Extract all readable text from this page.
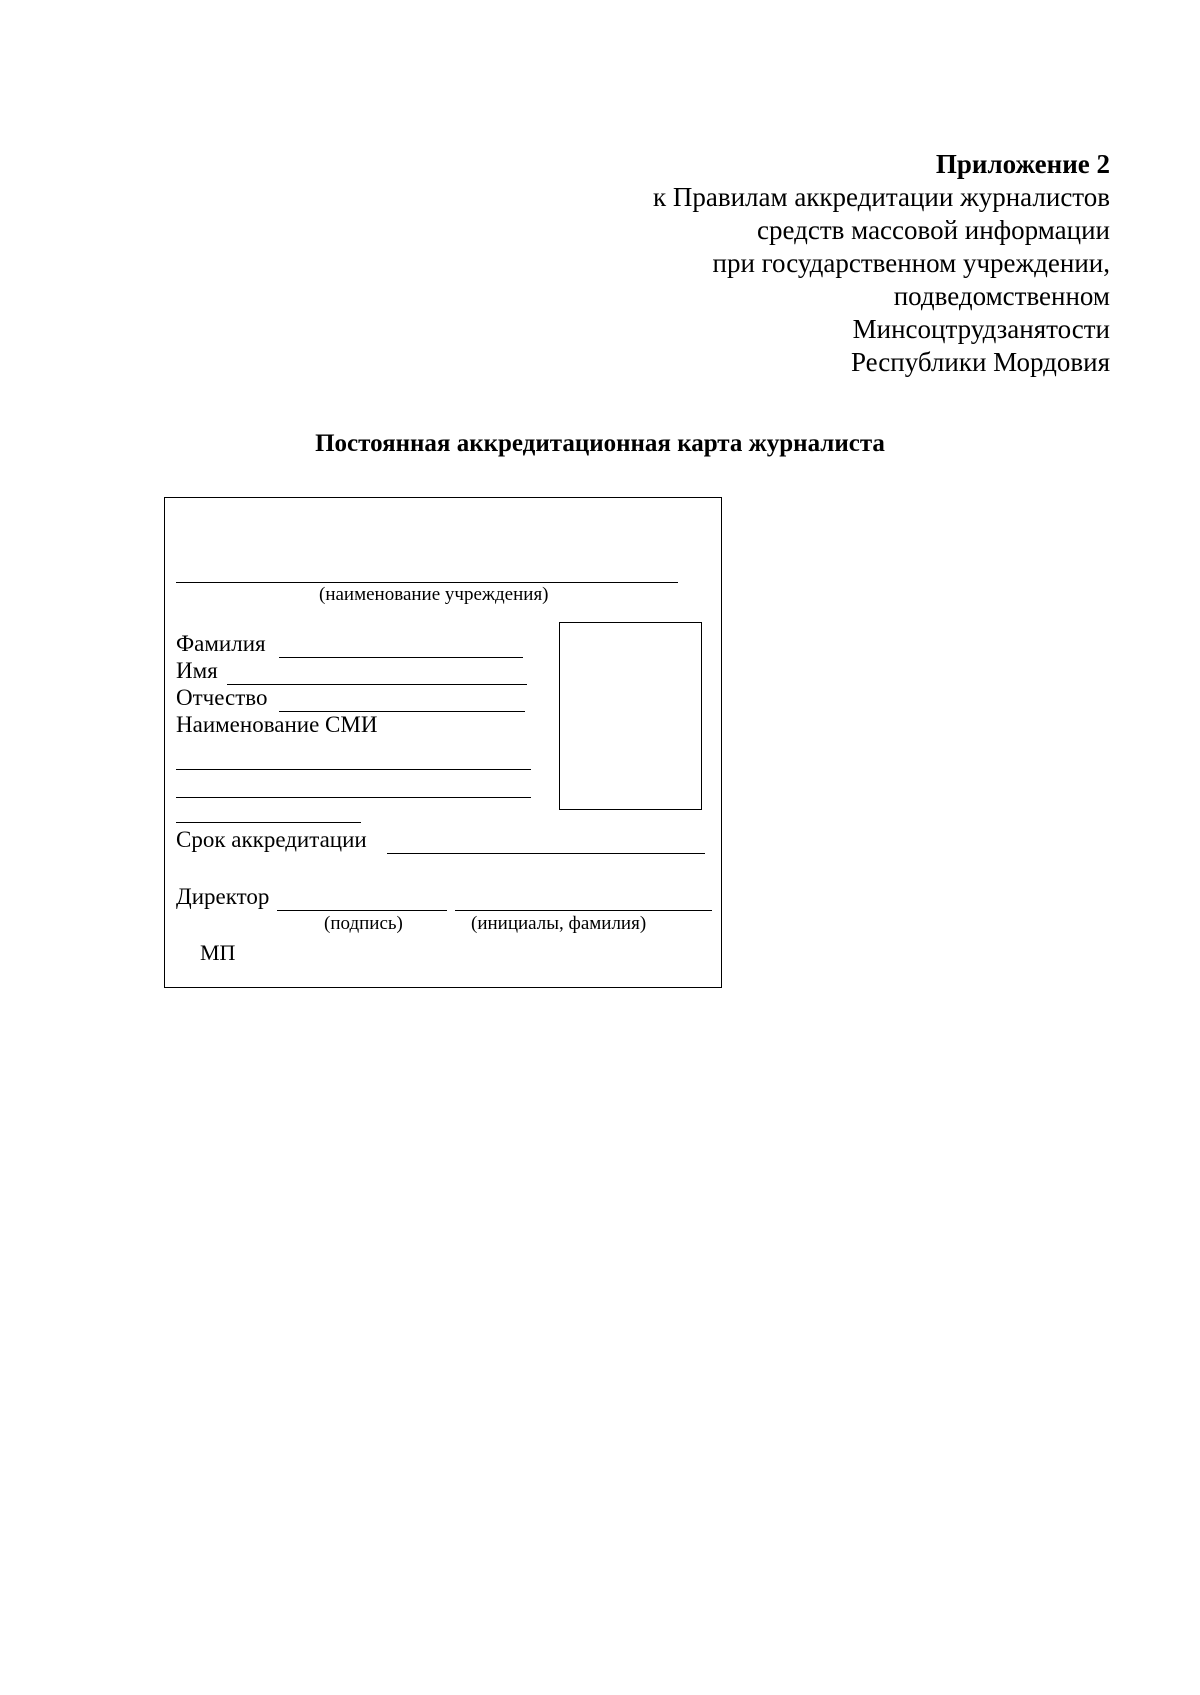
Приложение 2
к Правилам аккредитации журналистов
средств массовой информации
при государственном учреждении,
подведомственном
Минсоцтрудзанятости
Республики Мордовия
Постоянная аккредитационная карта журналиста
(наименование учреждения)
Фамилия
Имя
Отчество
Наименование СМИ
Срок аккредитации
Директор
(подпись)	(инициалы, фамилия)
МП
